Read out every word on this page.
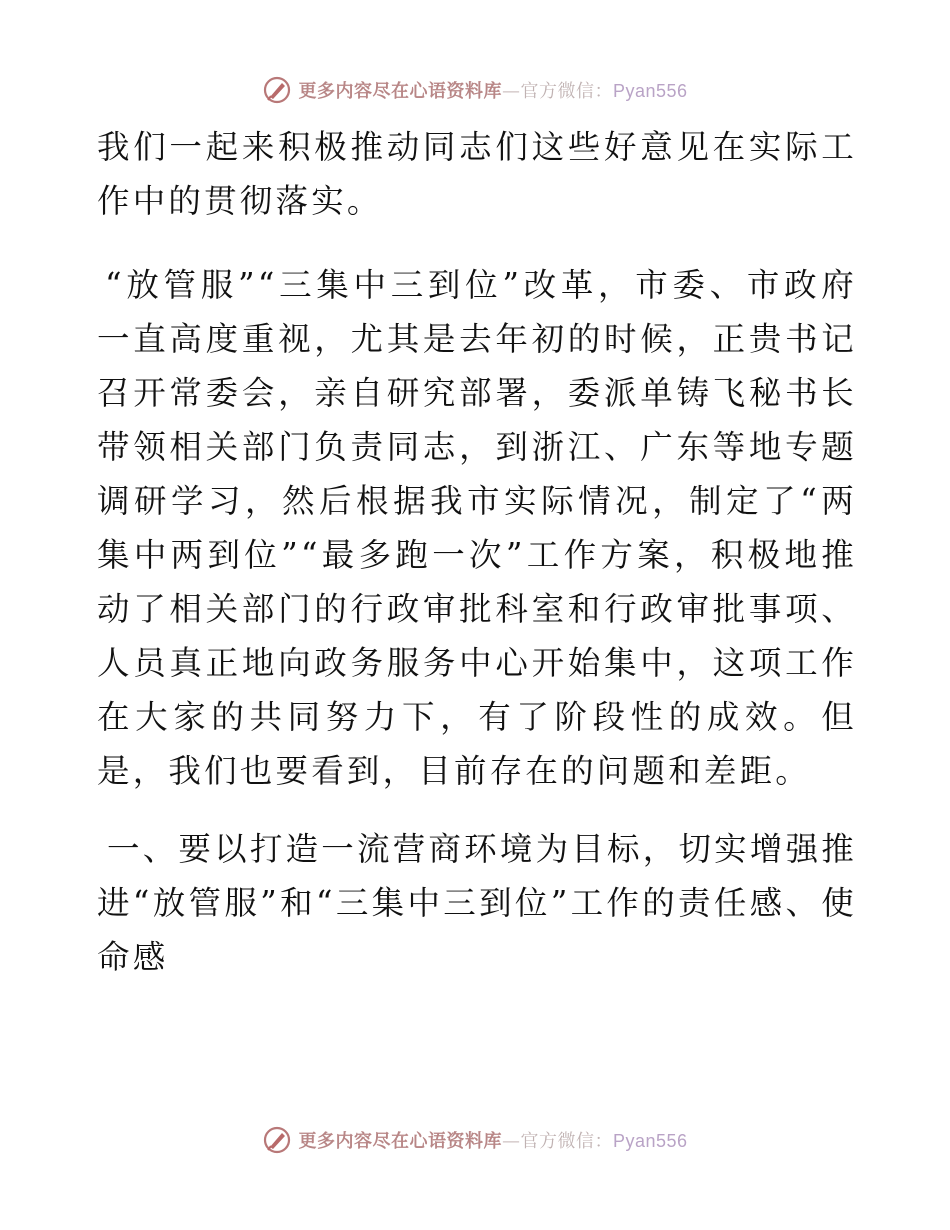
更多内容尽在心语资料库—官方微信：Pyan556

我们一起来积极推动同志们这些好意见在实际工作中的贯彻落实。

“放管服”“三集中三到位”改革，市委、市政府一直高度重视，尤其是去年初的时候，正贵书记召开常委会，亲自研究部署，委派单铸飞秘书长带领相关部门负责同志，到浙江、广东等地专题调研学习，然后根据我市实际情况，制定了“两集中两到位”“最多跑一次”工作方案，积极地推动了相关部门的行政审批科室和行政审批事项、人员真正地向政务服务中心开始集中，这项工作在大家的共同努力下，有了阶段性的成效。但是，我们也要看到，目前存在的问题和差距。

一、要以打造一流营商环境为目标，切实增强推进“放管服”和“三集中三到位”工作的责任感、使命感

更多内容尽在心语资料库—官方微信：Pyan556
